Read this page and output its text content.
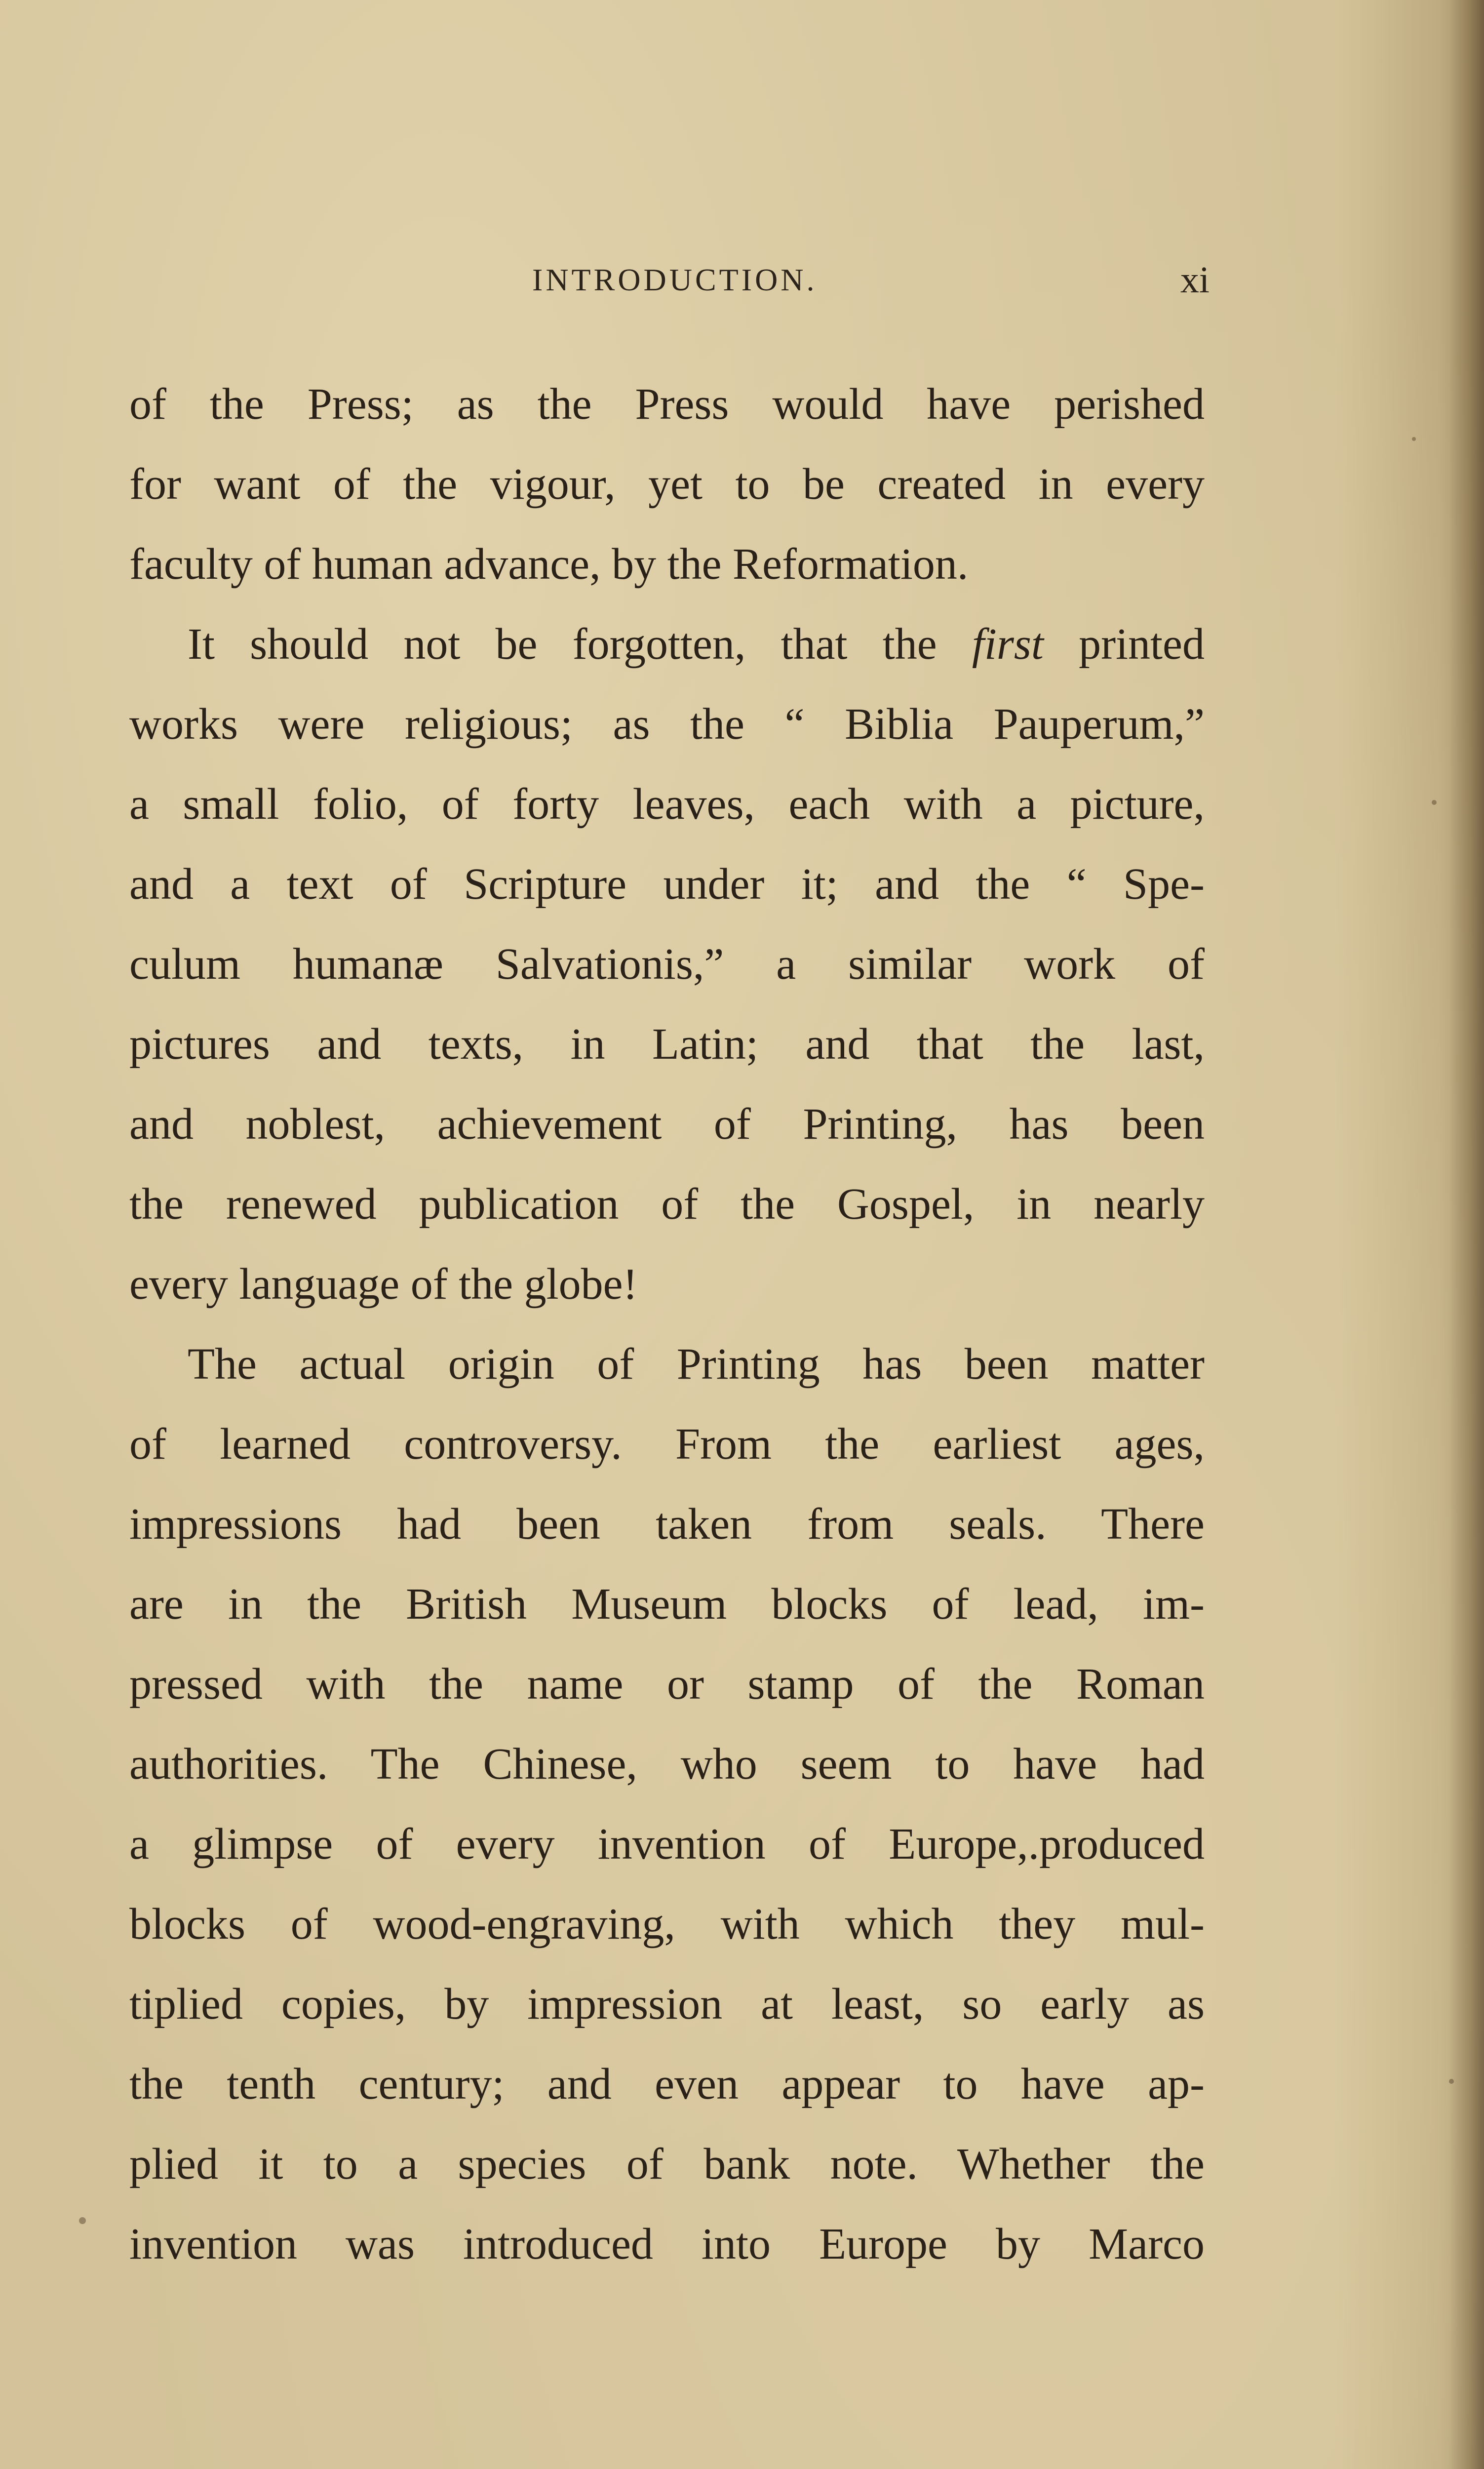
INTRODUCTION.	xi
of the Press; as the Press would have perished
for want of the vigour, yet to be created in every
faculty of human advance, by the Reformation.
It should not be forgotten, that the first printed
works were religious; as the “ Biblia Pauperum,”
a small folio, of forty leaves, each with a picture,
and a text of Scripture under it; and the “ Spe-
culum humanæ Salvationis,” a similar work of
pictures and texts, in Latin; and that the last,
and noblest, achievement of Printing, has been
the renewed publication of the Gospel, in nearly
every language of the globe!
The actual origin of Printing has been matter
of learned controversy. From the earliest ages,
impressions had been taken from seals. There
are in the British Museum blocks of lead, im-
pressed with the name or stamp of the Roman
authorities. The Chinese, who seem to have had
a glimpse of every invention of Europe,.produced
blocks of wood-engraving, with which they mul-
tiplied copies, by impression at least, so early as
the tenth century; and even appear to have ap-
plied it to a species of bank note. Whether the
invention was introduced into Europe by Marco
